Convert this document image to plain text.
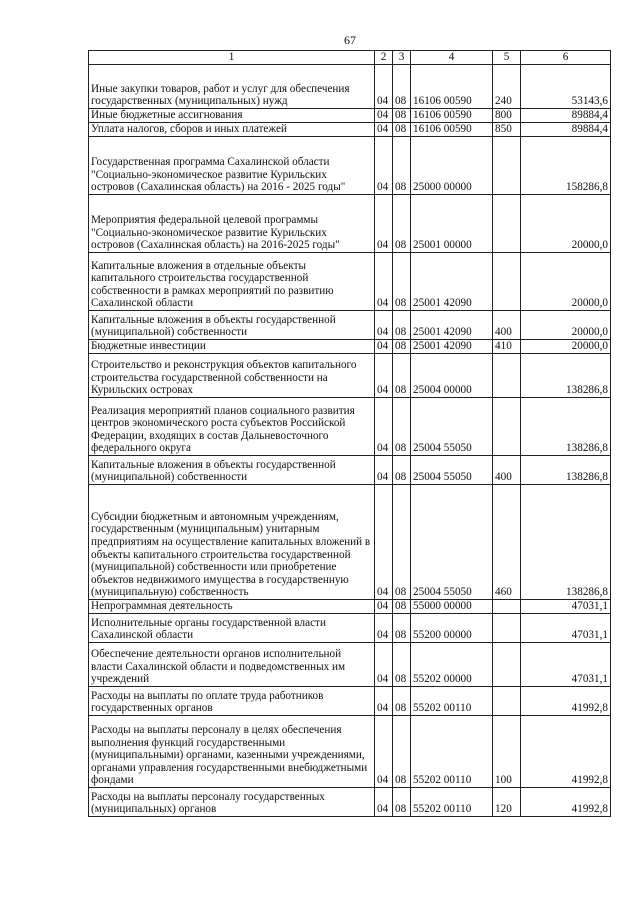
67
1	2	3	4	5	6
Иные закупки товаров, работ и услуг для обеспечения государственных (муниципальных) нужд	04	08	16106 00590	240	53143,6
Иные бюджетные ассигнования	04	08	16106 00590	800	89884,4
Уплата налогов, сборов и иных платежей	04	08	16106 00590	850	89884,4
Государственная программа Сахалинской области "Социально-экономическое развитие Курильских островов (Сахалинская область) на 2016 - 2025 годы"	04	08	25000 00000		158286,8
Мероприятия федеральной целевой программы "Социально-экономическое развитие Курильских островов (Сахалинская область) на 2016-2025 годы"	04	08	25001 00000		20000,0
Капитальные вложения в отдельные объекты капитального строительства государственной собственности в рамках мероприятий по развитию Сахалинской области	04	08	25001 42090		20000,0
Капитальные вложения в объекты государственной (муниципальной) собственности	04	08	25001 42090	400	20000,0
Бюджетные инвестиции	04	08	25001 42090	410	20000,0
Строительство и реконструкция объектов капитального строительства государственной собственности на Курильских островах	04	08	25004 00000		138286,8
Реализация мероприятий планов социального развития центров экономического роста субъектов Российской Федерации, входящих в состав Дальневосточного федерального округа	04	08	25004 55050		138286,8
Капитальные вложения в объекты государственной (муниципальной) собственности	04	08	25004 55050	400	138286,8
Субсидии бюджетным и автономным учреждениям, государственным (муниципальным) унитарным предприятиям на осуществление капитальных вложений в объекты капитального строительства государственной (муниципальной) собственности или приобретение объектов недвижимого имущества в государственную (муниципальную) собственность	04	08	25004 55050	460	138286,8
Непрограммная деятельность	04	08	55000 00000		47031,1
Исполнительные органы государственной власти Сахалинской области	04	08	55200 00000		47031,1
Обеспечение деятельности органов исполнительной власти Сахалинской области и подведомственных им учреждений	04	08	55202 00000		47031,1
Расходы на выплаты по оплате труда работников государственных органов	04	08	55202 00110		41992,8
Расходы на выплаты персоналу в целях обеспечения выполнения функций государственными (муниципальными) органами, казенными учреждениями, органами управления государственными внебюджетными фондами	04	08	55202 00110	100	41992,8
Расходы на выплаты персоналу государственных (муниципальных) органов	04	08	55202 00110	120	41992,8
